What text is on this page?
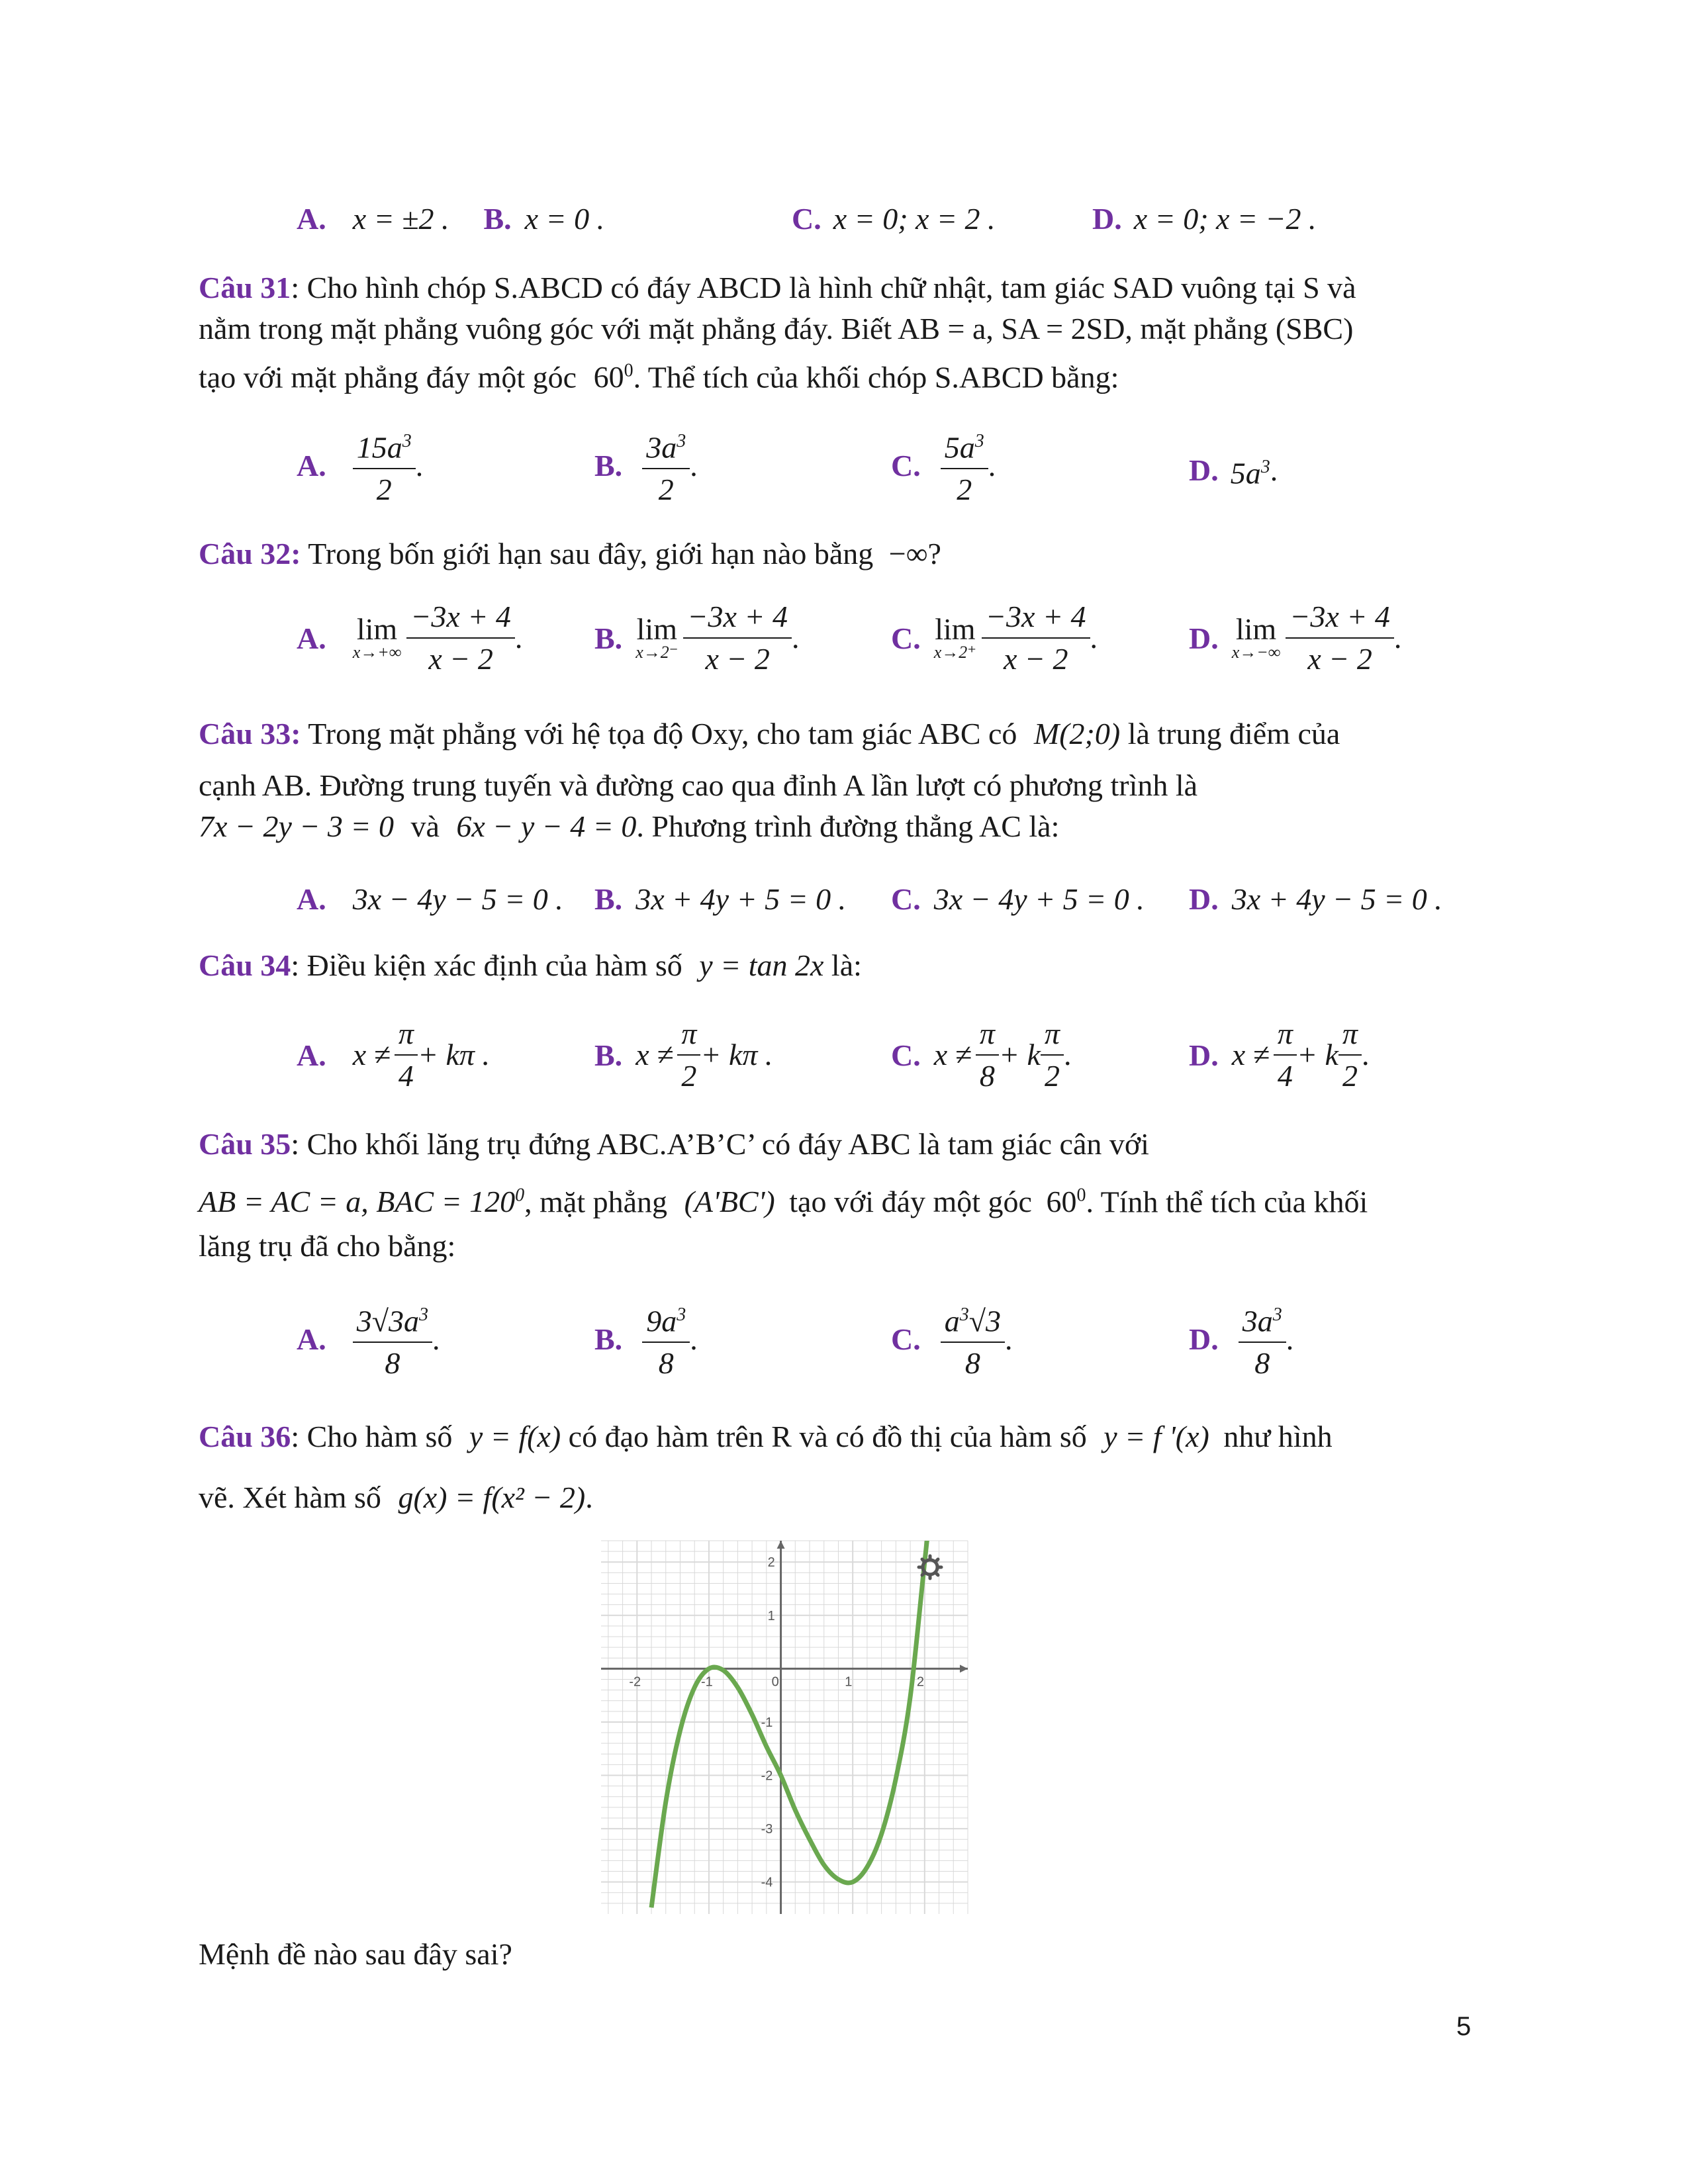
A. x = ±2 . B. x = 0 .	C. x = 0; x = 2 .	D. x = 0; x = −2 .
Câu 31: Cho hình chóp S.ABCD có đáy ABCD là hình chữ nhật, tam giác SAD vuông tại S và
nằm trong mặt phẳng vuông góc với mặt phẳng đáy. Biết AB = a, SA = 2SD, mặt phẳng (SBC)
tạo với mặt phẳng đáy một góc $60^0$. Thể tích của khối chóp S.ABCD bằng:
A. $\frac{15a^3}{2}$ .	B. $\frac{3a^3}{2}$ .	C. $\frac{5a^3}{2}$ .	D. $5a^3$ .
Câu 32: Trong bốn giới hạn sau đây, giới hạn nào bằng −∞?
A. lim
$x\to+\infty \frac{-3x + 4}{x - 2}$ . B. lim
$x\to 2^- \frac{-3x + 4}{x - 2}$ .	C. lim
$x\to 2^+ \frac{-3x + 4}{x - 2}$ .	D. lim
$x\to-\infty \frac{-3x + 4}{x - 2}$ .
Câu 33: Trong mặt phẳng với hệ tọa độ Oxy, cho tam giác ABC có M(2;0) là trung điểm của
cạnh AB. Đường trung tuyến và đường cao qua đỉnh A lần lượt có phương trình là
7x − 2y − 3 = 0 và 6x − y − 4 = 0. Phương trình đường thẳng AC là:
A. 3x − 4y − 5 = 0 . B. 3x + 4y + 5 = 0 . C. 3x − 4y + 5 = 0 . D. 3x + 4y − 5 = 0 .
Câu 34: Điều kiện xác định của hàm số y = tan 2x là:
A. $x \ne \frac{\pi}{4} + k\pi$ .	B. $x \ne \frac{\pi}{2} + k\pi$ .	C. $x \ne \frac{\pi}{8} + k \frac{\pi}{2}$ .	D. $x \ne \frac{\pi}{4} + k \frac{\pi}{2}$ .
Câu 35: Cho khối lăng trụ đứng ABC.A’B’C’ có đáy ABC là tam giác cân với
AB = AC = a, BAC = $120^0$, mặt phẳng (A'BC') tạo với đáy một góc $60^0$. Tính thể tích của khối
lăng trụ đã cho bằng:
A. $\frac{3√3a^3}{8}$ .	B. $\frac{9a^3}{8}$ .	C. $\frac{a^3√3}{8}$ .	D. $\frac{3a^3}{8}$ .
Câu 36: Cho hàm số y = f(x) có đạo hàm trên R và có đồ thị của hàm số y = f '(x) như hình
vẽ. Xét hàm số g(x) = f(x² − 2).
-2	-1	0	1	2
2
1
-1
-2
-3
-4
Mệnh đề nào sau đây sai?
5
